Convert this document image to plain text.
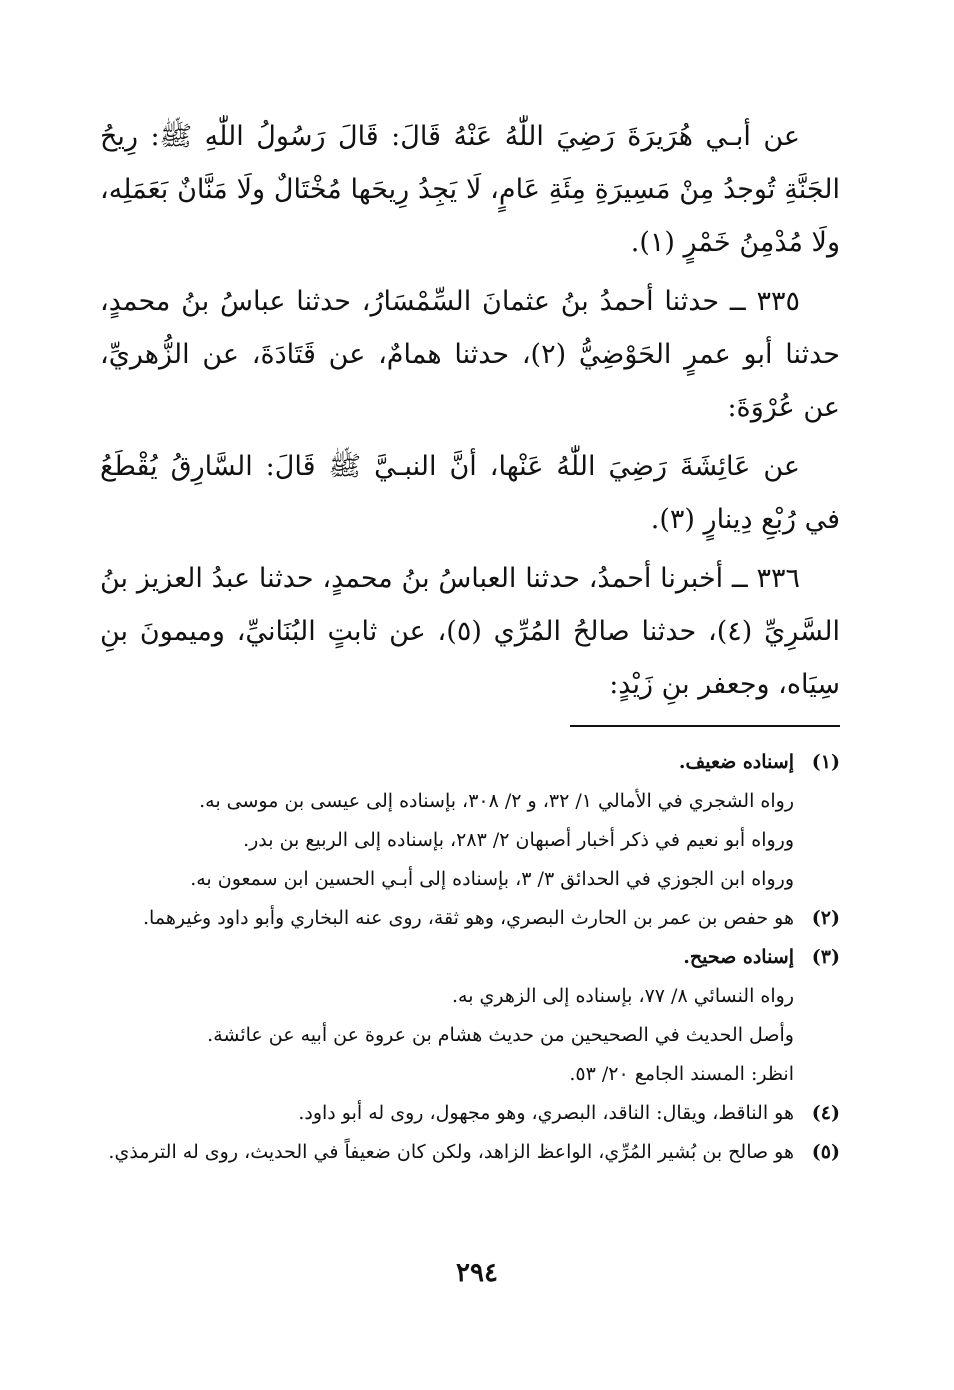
عن أبـي هُرَيرَةَ رَضِيَ اللّٰهُ عَنْهُ قَالَ: قَالَ رَسُولُ اللّٰهِ ﷺ: رِيحُ الجَنَّةِ تُوجدُ مِنْ مَسِيرَةِ مِئَةِ عَامٍ، لَا يَجِدُ رِيحَها مُخْتَالٌ ولَا مَنَّانٌ بَعَمَلِه، ولَا مُدْمِنُ خَمْرٍ (١).

٣٣٥ ــ حدثنا أحمدُ بنُ عثمانَ السِّمْسَارُ، حدثنا عباسُ بنُ محمدٍ، حدثنا أبو عمرٍ الحَوْضِيُّ (٢)، حدثنا همامٌ، عن قَتَادَةَ، عن الزُّهريِّ، عن عُرْوَةَ:

عن عَائِشَةَ رَضِيَ اللّٰهُ عَنْها، أنَّ النبـيَّ ﷺ قَالَ: السَّارِقُ يُقْطَعُ في رُبْعِ دِينارٍ (٣).

٣٣٦ ــ أخبرنا أحمدُ، حدثنا العباسُ بنُ محمدٍ، حدثنا عبدُ العزيز بنُ السَّرِيِّ (٤)، حدثنا صالحُ المُرِّي (٥)، عن ثابتٍ البُنَانيِّ، وميمونَ بنِ سِيَاه، وجعفر بنِ زَيْدٍ:

(١)
إسناده ضعيف.
رواه الشجري في الأمالي ١/ ٣٢، و ٢/ ٣٠٨، بإسناده إلى عيسى بن موسى به.
ورواه أبو نعيم في ذكر أخبار أصبهان ٢/ ٢٨٣، بإسناده إلى الربيع بن بدر.
ورواه ابن الجوزي في الحدائق ٣/ ٣، بإسناده إلى أبـي الحسين ابن سمعون به.
(٢)
هو حفص بن عمر بن الحارث البصري، وهو ثقة، روى عنه البخاري وأبو داود وغيرهما.
(٣)
إسناده صحيح.
رواه النسائي ٨/ ٧٧، بإسناده إلى الزهري به.
وأصل الحديث في الصحيحين من حديث هشام بن عروة عن أبيه عن عائشة.
انظر: المسند الجامع ٢٠/ ٥٣.
(٤)
هو الناقط، ويقال: الناقد، البصري، وهو مجهول، روى له أبو داود.
(٥)
هو صالح بن بُشير المُرِّي، الواعظ الزاهد، ولكن كان ضعيفاً في الحديث، روى له الترمذي.
٢٩٤
